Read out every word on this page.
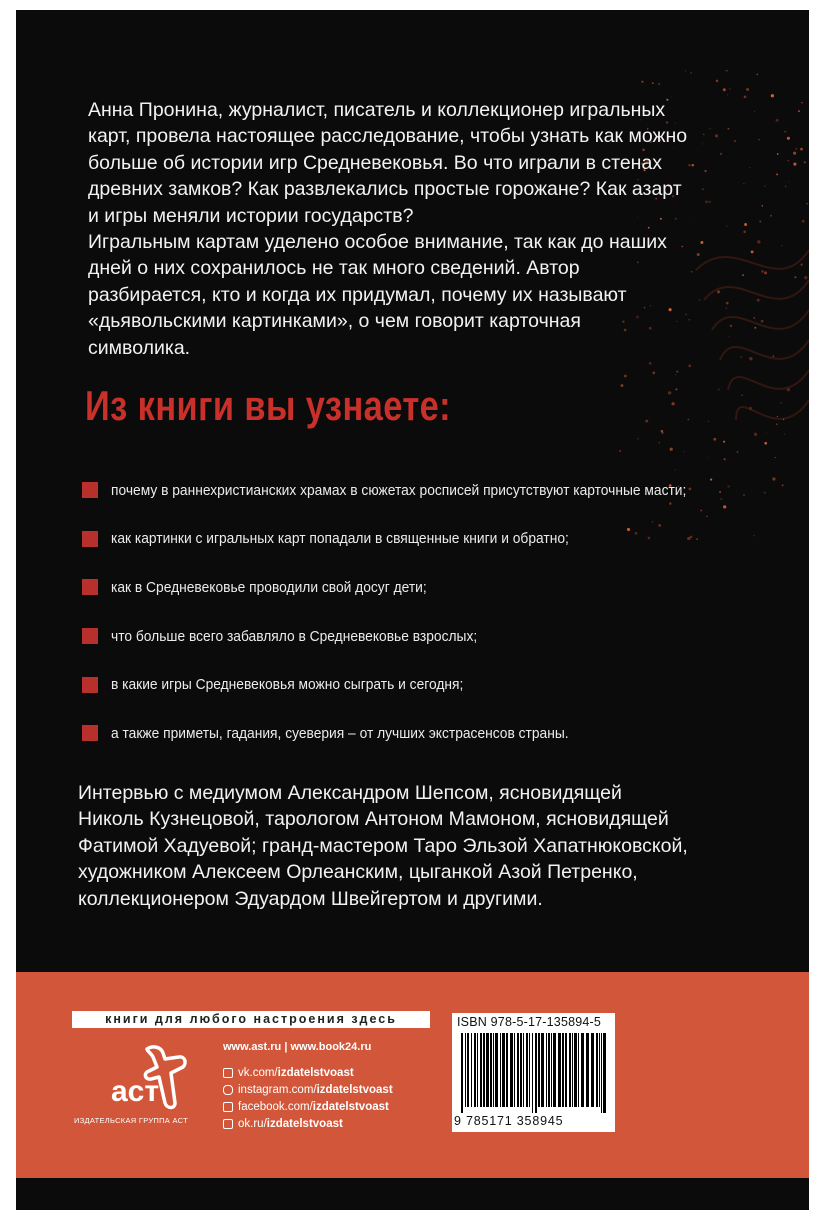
Анна Пронина, журналист, писатель и коллекционер игральных
карт, провела настоящее расследование, чтобы узнать как можно
больше об истории игр Средневековья. Во что играли в стенах
древних замков? Как развлекались простые горожане? Как азарт
и игры меняли истории государств?
Игральным картам уделено особое внимание, так как до наших
дней о них сохранилось не так много сведений. Автор
разбирается, кто и когда их придумал, почему их называют
«дьявольскими картинками», о чем говорит карточная
символика.

Из книги вы узнаете:
почему в раннехристианских храмах в сюжетах росписей присутствуют карточные масти;
как картинки с игральных карт попадали в священные книги и обратно;
как в Средневековье проводили свой досуг дети;
что больше всего забавляло в Средневековье взрослых;
в какие игры Средневековья можно сыграть и сегодня;
а также приметы, гадания, суеверия – от лучших экстрасенсов страны.

Интервью с медиумом Александром Шепсом, ясновидящей
Николь Кузнецовой, тарологом Антоном Мамоном, ясновидящей
Фатимой Хадуевой; гранд-мастером Таро Эльзой Хапатнюковской,
художником Алексеем Орлеанским, цыганкой Азой Петренко,
коллекционером Эдуардом Швейгертом и другими.

книги для любого настроения здесь
аст
ИЗДАТЕЛЬСКАЯ ГРУППА АСТ
www.ast.ru | www.book24.ru
vk.com/ izdatelstvoast
instagram.com/ izdatelstvoast
facebook.com/ izdatelstvoast
ok.ru/ izdatelstvoast
ISBN 978-5-17-135894-5
9 785171 358945
